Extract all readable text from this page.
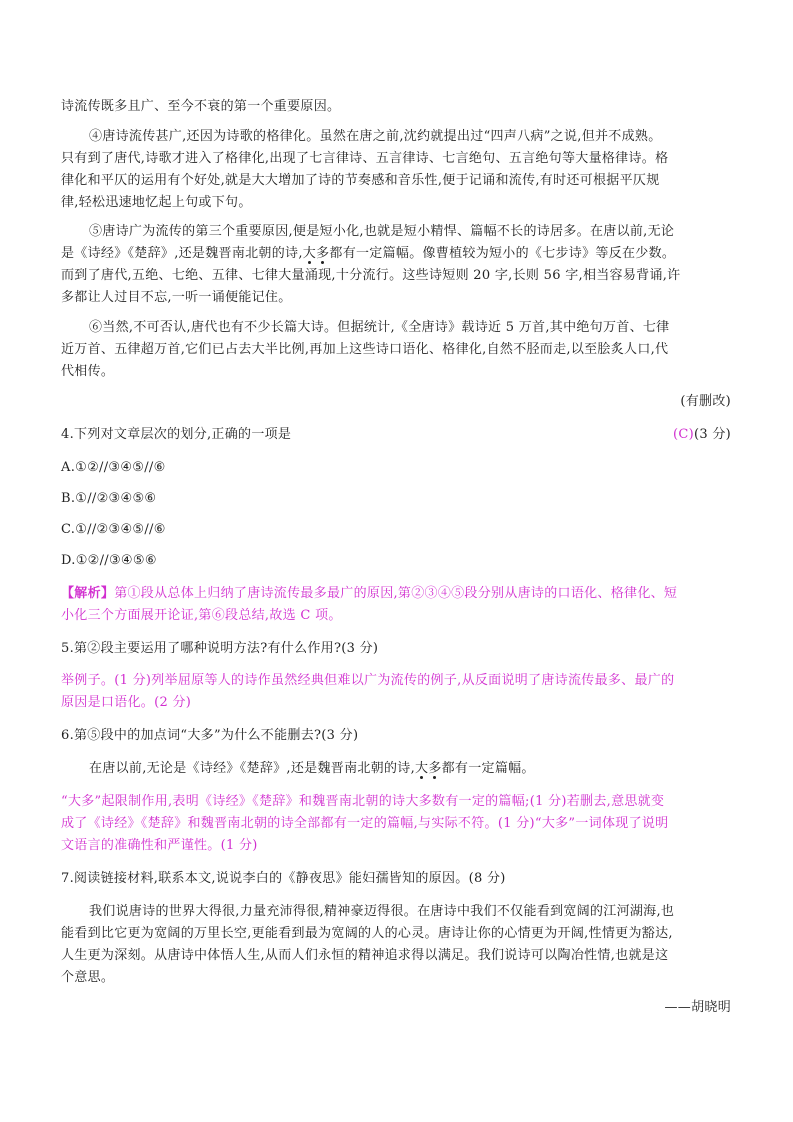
诗流传既多且广、至今不衰的第一个重要原因。
④唐诗流传甚广,还因为诗歌的格律化。虽然在唐之前,沈约就提出过“四声八病”之说,但并不成熟。
只有到了唐代,诗歌才进入了格律化,出现了七言律诗、五言律诗、七言绝句、五言绝句等大量格律诗。格
律化和平仄的运用有个好处,就是大大增加了诗的节奏感和音乐性,便于记诵和流传,有时还可根据平仄规
律,轻松迅速地忆起上句或下句。
⑤唐诗广为流传的第三个重要原因,便是短小化,也就是短小精悍、篇幅不长的诗居多。在唐以前,无论
是《诗经》《楚辞》,还是魏晋南北朝的诗,大多都有一定篇幅。像曹植较为短小的《七步诗》等反在少数。
而到了唐代,五绝、七绝、五律、七律大量涌现,十分流行。这些诗短则 20 字,长则 56 字,相当容易背诵,许
多都让人过目不忘,一听一诵便能记住。
⑥当然,不可否认,唐代也有不少长篇大诗。但据统计,《全唐诗》载诗近 5 万首,其中绝句万首、七律
近万首、五律超万首,它们已占去大半比例,再加上这些诗口语化、格律化,自然不胫而走,以至脍炙人口,代
代相传。
(有删改)
4.下列对文章层次的划分,正确的一项是	(C)(3 分)
A.①②//③④⑤//⑥
B.①//②③④⑤⑥
C.①//②③④⑤//⑥
D.①②//③④⑤⑥
【解析】第①段从总体上归纳了唐诗流传最多最广的原因,第②③④⑤段分别从唐诗的口语化、格律化、短
小化三个方面展开论证,第⑥段总结,故选 C 项。
5.第②段主要运用了哪种说明方法?有什么作用?(3 分)
举例子。(1 分)列举屈原等人的诗作虽然经典但难以广为流传的例子,从反面说明了唐诗流传最多、最广的
原因是口语化。(2 分)
6.第⑤段中的加点词“大多”为什么不能删去?(3 分)
在唐以前,无论是《诗经》《楚辞》,还是魏晋南北朝的诗,大多都有一定篇幅。
“大多”起限制作用,表明《诗经》《楚辞》和魏晋南北朝的诗大多数有一定的篇幅;(1 分)若删去,意思就变
成了《诗经》《楚辞》和魏晋南北朝的诗全部都有一定的篇幅,与实际不符。(1 分)“大多”一词体现了说明
文语言的准确性和严谨性。(1 分)
7.阅读链接材料,联系本文,说说李白的《静夜思》能妇孺皆知的原因。(8 分)
我们说唐诗的世界大得很,力量充沛得很,精神豪迈得很。在唐诗中我们不仅能看到宽阔的江河湖海,也
能看到比它更为宽阔的万里长空,更能看到最为宽阔的人的心灵。唐诗让你的心情更为开阔,性情更为豁达,
人生更为深刻。从唐诗中体悟人生,从而人们永恒的精神追求得以满足。我们说诗可以陶冶性情,也就是这
个意思。
——胡晓明
